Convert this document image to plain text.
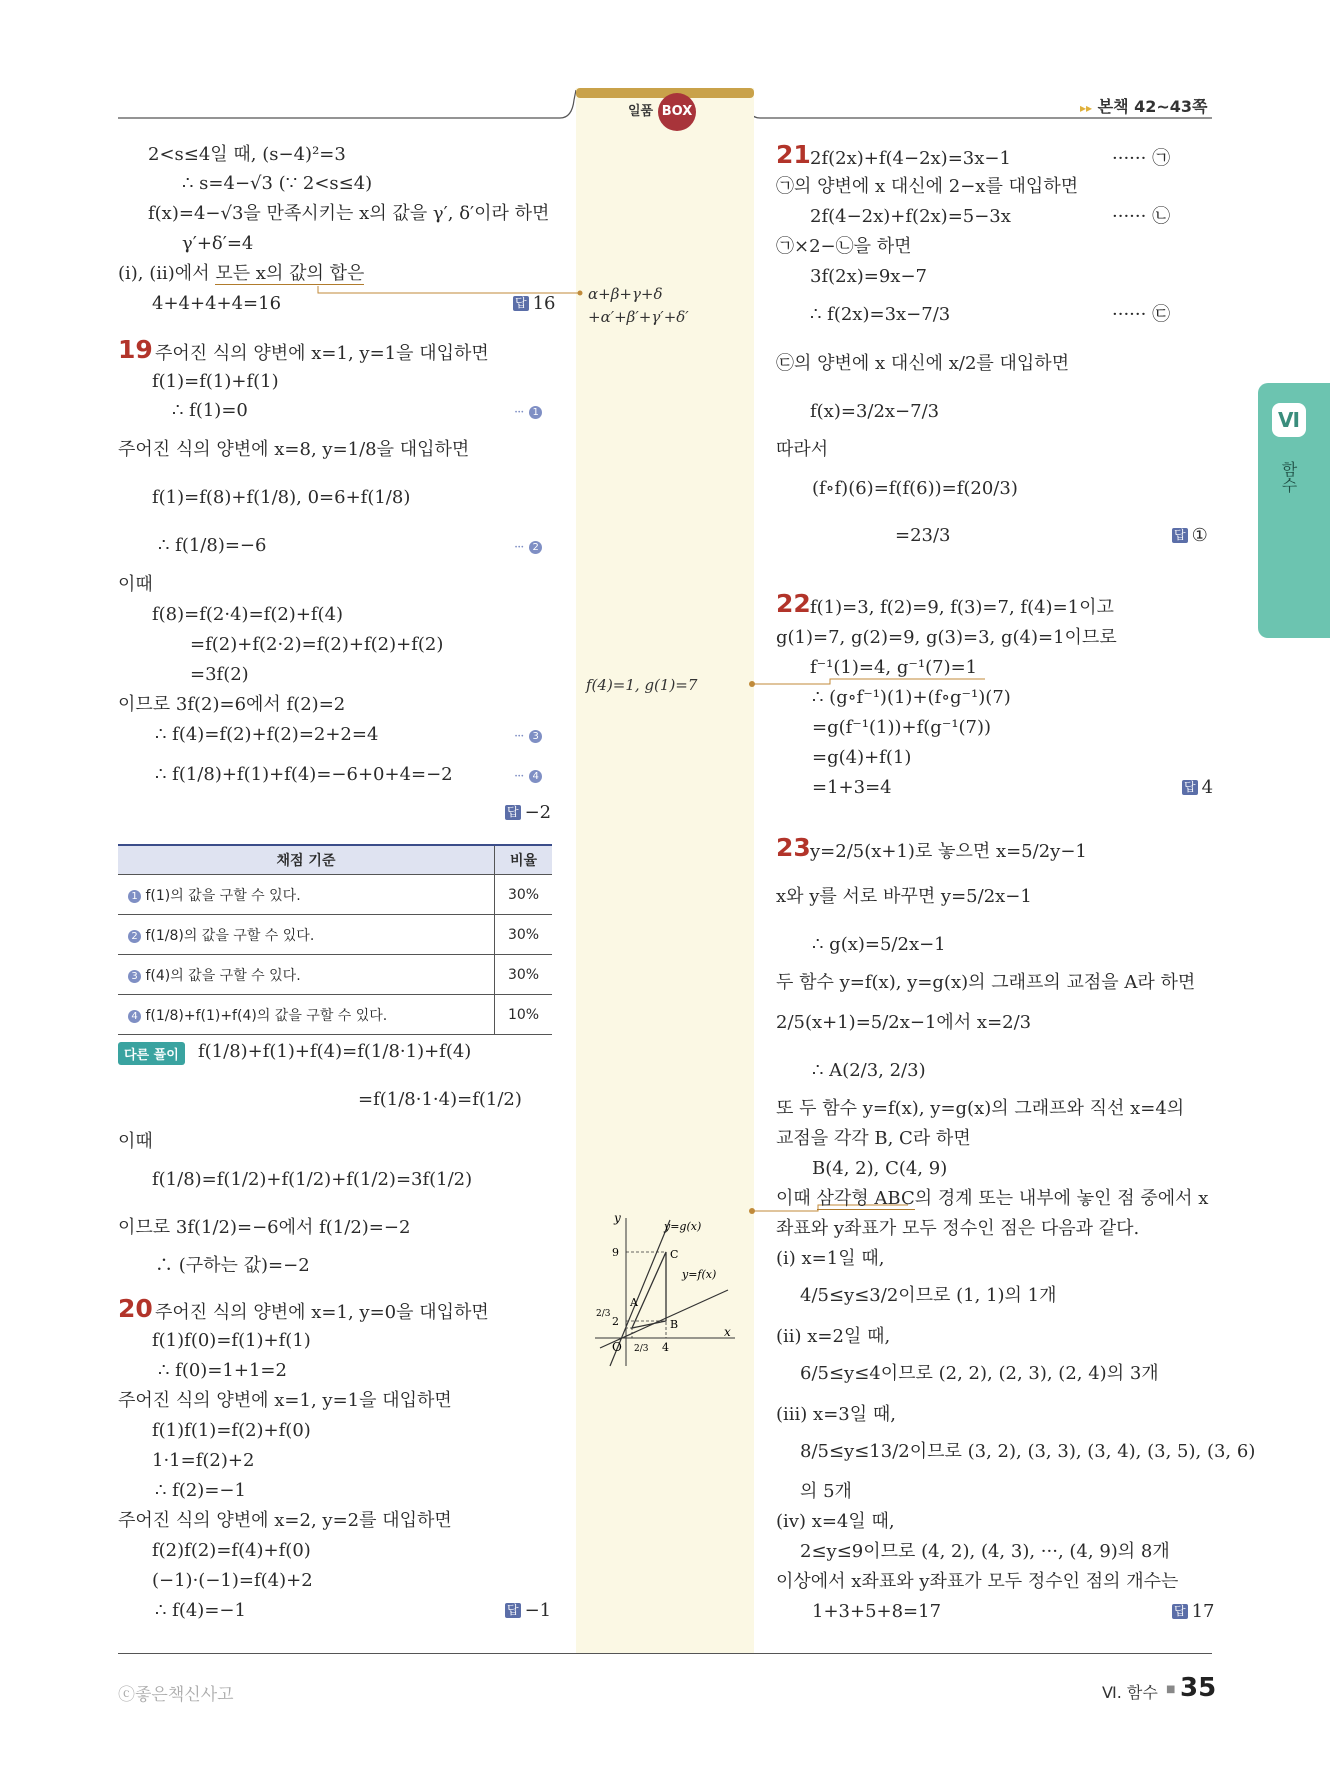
일품 BOX	▸▸ 본책 42~43쪽
Ⅵ
함수
2<s≤4일 때, (s−4)²=3
∴ s=4−√3 (∵ 2<s≤4)
f(x)=4−√3을 만족시키는 x의 값을 γ′, δ′이라 하면
γ′+δ′=4
(ⅰ), (ⅱ)에서 모든 x의 값의 합은
4+4+4+4=16	답 16
19 주어진 식의 양변에 x=1, y=1을 대입하면
f(1)=f(1)+f(1)
∴ f(1)=0	··· 1
주어진 식의 양변에 x=8, y=1/8을 대입하면
f(1)=f(8)+f(1/8), 0=6+f(1/8)
∴ f(1/8)=−6	··· 2
이때
f(8)=f(2·4)=f(2)+f(4)
=f(2)+f(2·2)=f(2)+f(2)+f(2)
=3f(2)
이므로 3f(2)=6에서 f(2)=2
∴ f(4)=f(2)+f(2)=2+2=4	··· 3
∴ f(1/8)+f(1)+f(4)=−6+0+4=−2	··· 4
답 −2
채점 기준	비율
1 f(1)의 값을 구할 수 있다.	30%
2 f(1/8)의 값을 구할 수 있다.	30%
3 f(4)의 값을 구할 수 있다.	30%
4 f(1/8)+f(1)+f(4)의 값을 구할 수 있다.	10%
다른 풀이	f(1/8)+f(1)+f(4)=f(1/8·1)+f(4)
=f(1/8·1·4)=f(1/2)
이때
f(1/8)=f(1/2)+f(1/2)+f(1/2)=3f(1/2)
이므로 3f(1/2)=−6에서 f(1/2)=−2
∴ (구하는 값)=−2
20 주어진 식의 양변에 x=1, y=0을 대입하면
f(1)f(0)=f(1)+f(1)
∴ f(0)=1+1=2
주어진 식의 양변에 x=1, y=1을 대입하면
f(1)f(1)=f(2)+f(0)
1·1=f(2)+2
∴ f(2)=−1
주어진 식의 양변에 x=2, y=2를 대입하면
f(2)f(2)=f(4)+f(0)
(−1)·(−1)=f(4)+2
∴ f(4)=−1	답 −1
α+β+γ+δ
+α′+β′+γ′+δ′
f(4)=1, g(1)=7
y
x
O
y=g(x)
y=f(x)
9
2
2/3
2/3 4
A
B
C
21 2f(2x)+f(4−2x)=3x−1	······ ㉠
㉠의 양변에 x 대신에 2−x를 대입하면
2f(4−2x)+f(2x)=5−3x	······ ㉡
㉠×2−㉡을 하면
3f(2x)=9x−7
∴ f(2x)=3x−7/3	······ ㉢
㉢의 양변에 x 대신에 x/2를 대입하면
f(x)=3/2x−7/3
따라서
(f∘f)(6)=f(f(6))=f(20/3)
=23/3	답 ①
22 f(1)=3, f(2)=9, f(3)=7, f(4)=1이고
g(1)=7, g(2)=9, g(3)=3, g(4)=1이므로
f⁻¹(1)=4, g⁻¹(7)=1
∴ (g∘f⁻¹)(1)+(f∘g⁻¹)(7)
=g(f⁻¹(1))+f(g⁻¹(7))
=g(4)+f(1)
=1+3=4	답 4
23 y=2/5(x+1)로 놓으면 x=5/2y−1
x와 y를 서로 바꾸면 y=5/2x−1
∴ g(x)=5/2x−1
두 함수 y=f(x), y=g(x)의 그래프의 교점을 A라 하면
2/5(x+1)=5/2x−1에서 x=2/3
∴ A(2/3, 2/3)
또 두 함수 y=f(x), y=g(x)의 그래프와 직선 x=4의
교점을 각각 B, C라 하면
B(4, 2), C(4, 9)
이때 삼각형 ABC의 경계 또는 내부에 놓인 점 중에서 x
좌표와 y좌표가 모두 정수인 점은 다음과 같다.
(ⅰ) x=1일 때,
4/5≤y≤3/2이므로 (1, 1)의 1개
(ⅱ) x=2일 때,
6/5≤y≤4이므로 (2, 2), (2, 3), (2, 4)의 3개
(ⅲ) x=3일 때,
8/5≤y≤13/2이므로 (3, 2), (3, 3), (3, 4), (3, 5), (3, 6)
의 5개
(ⅳ) x=4일 때,
2≤y≤9이므로 (4, 2), (4, 3), ···, (4, 9)의 8개
이상에서 x좌표와 y좌표가 모두 정수인 점의 개수는
1+3+5+8=17	답 17
ⓒ좋은책신사고	Ⅵ. 함수 ■ 35
